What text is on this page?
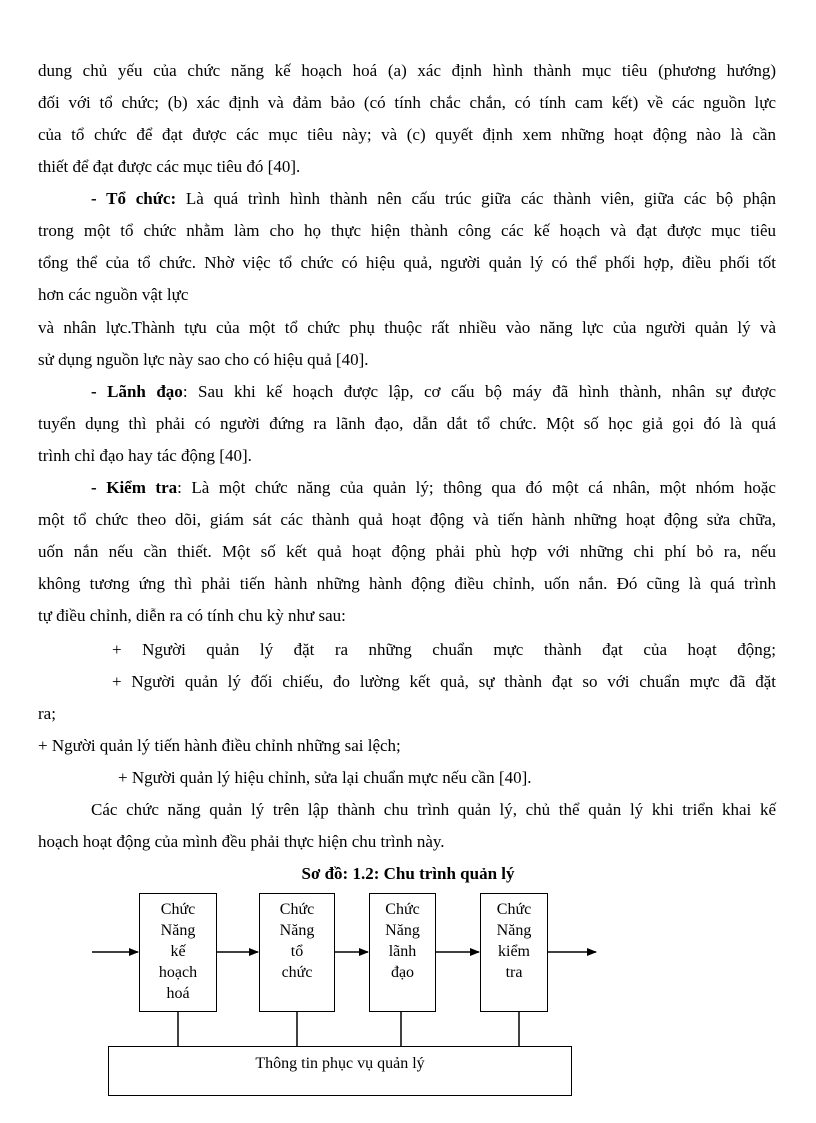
dung chủ yếu của chức năng kế hoạch hoá (a) xác định hình thành mục tiêu (phương hướng)
đối với tổ chức; (b) xác định và đảm bảo (có tính chắc chắn, có tính cam kết) về các nguồn lực
của tổ chức để đạt được các mục tiêu này; và (c) quyết định xem những hoạt động nào là cần
thiết để đạt được các mục tiêu đó [40].
- Tổ chức: Là quá trình hình thành nên cấu trúc giữa các thành viên, giữa các bộ phận
trong một tổ chức nhằm làm cho họ thực hiện thành công các kế hoạch và đạt được mục tiêu
tổng thể của tổ chức. Nhờ việc tổ chức có hiệu quả, người quản lý có thể phối hợp, điều phối tốt
hơn các nguồn vật lực
và nhân lực.Thành tựu của một tổ chức phụ thuộc rất nhiều vào năng lực của người quản lý và
sử dụng nguồn lực này sao cho có hiệu quả [40].
- Lãnh đạo: Sau khi kế hoạch được lập, cơ cấu bộ máy đã hình thành, nhân sự được
tuyển dụng thì phải có người đứng ra lãnh đạo, dẫn dắt tổ chức. Một số học giả gọi đó là quá
trình chỉ đạo hay tác động [40].
- Kiểm tra: Là một chức năng của quản lý; thông qua đó một cá nhân, một nhóm hoặc
một tổ chức theo dõi, giám sát các thành quả hoạt động và tiến hành những hoạt động sửa chữa,
uốn nắn nếu cần thiết. Một số kết quả hoạt động phải phù hợp với những chi phí bỏ ra, nếu
không tương ứng thì phải tiến hành những hành động điều chỉnh, uốn nắn. Đó cũng là quá trình
tự điều chỉnh, diễn ra có tính chu kỳ như sau:
+ Người quản lý đặt ra những chuẩn mực thành đạt của hoạt động;
+ Người quản lý đối chiếu, đo lường kết quả, sự thành đạt so với chuẩn mực đã đặt
ra;
+ Người quản lý tiến hành điều chỉnh những sai lệch;
+ Người quản lý hiệu chỉnh, sửa lại chuẩn mực nếu cần [40].
Các chức năng quản lý trên lập thành chu trình quản lý, chủ thể quản lý khi triển khai kế
hoạch hoạt động của mình đều phải thực hiện chu trình này.
Sơ đồ: 1.2: Chu trình quản lý
Chức
Năng
kế
hoạch
hoá
Chức
Năng
tổ
chức
Chức
Năng
lãnh
đạo
Chức
Năng
kiểm
tra
Thông tin phục vụ quản lý
